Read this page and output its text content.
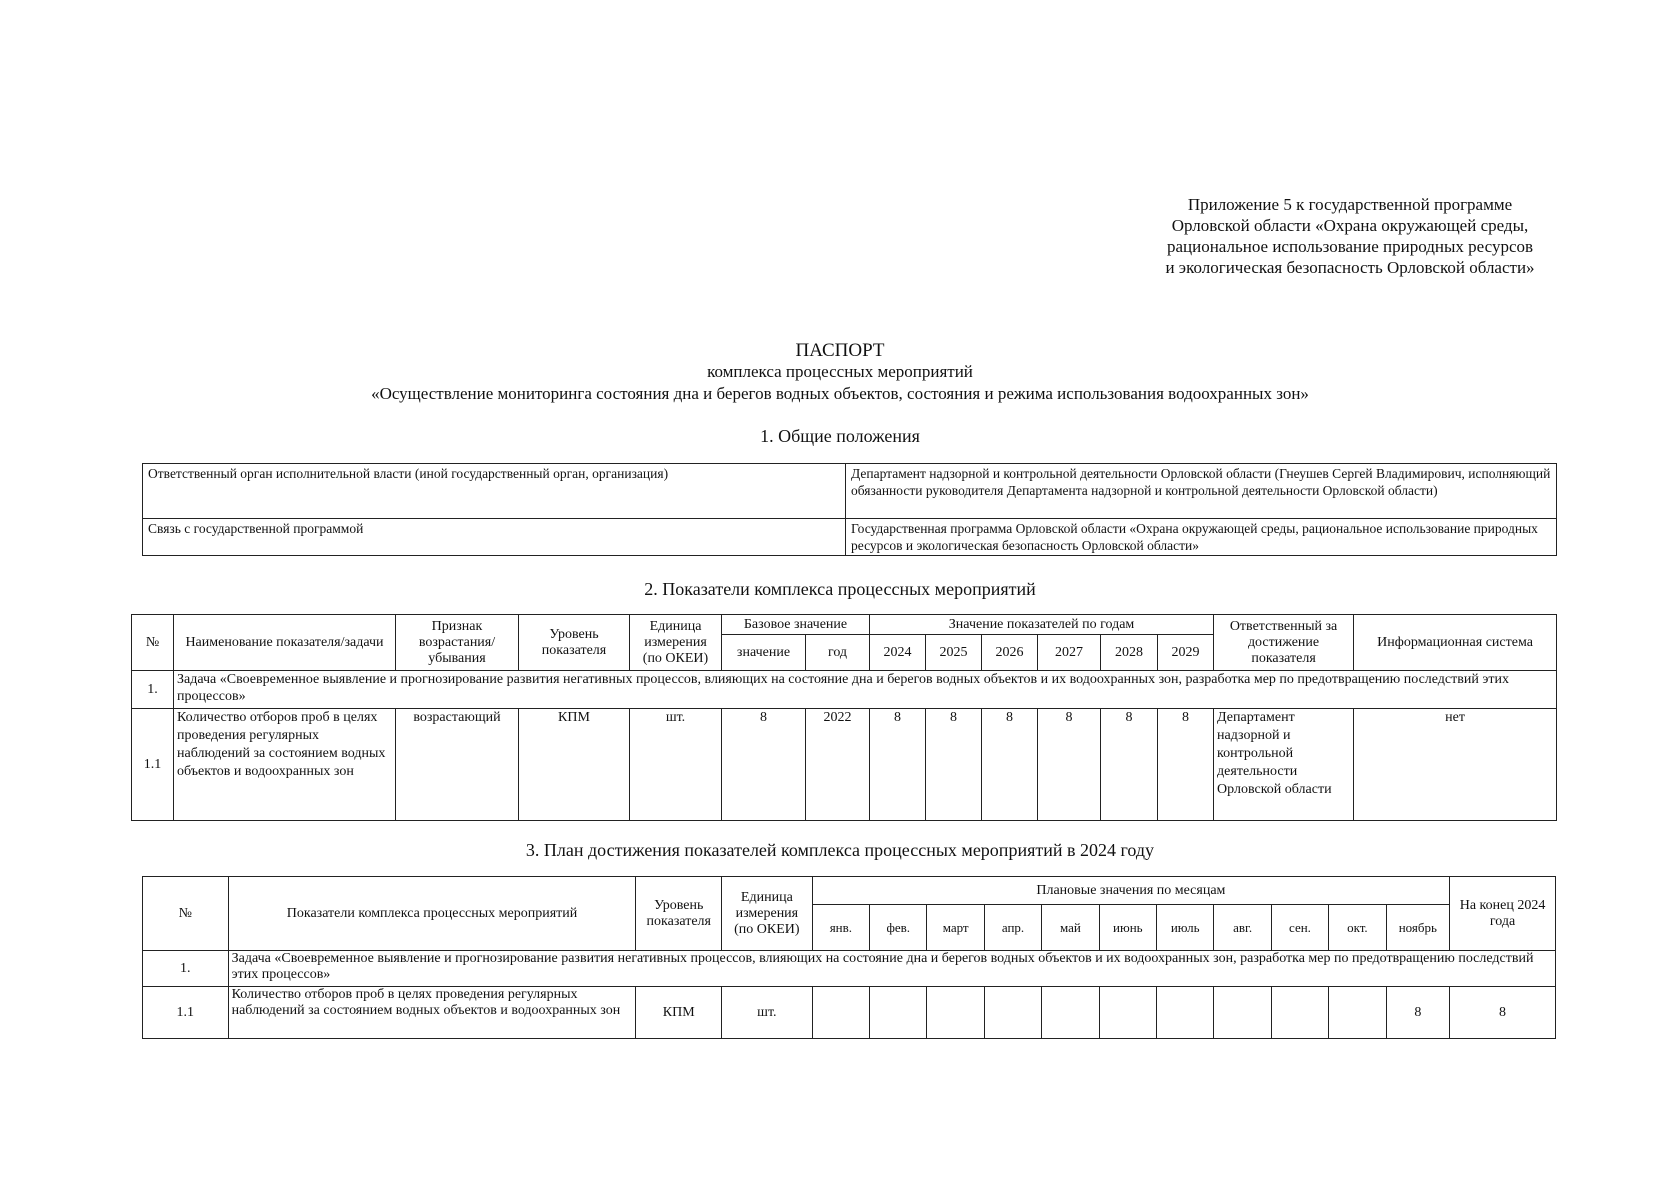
Приложение 5 к государственной программе
Орловской области «Охрана окружающей среды,
рациональное использование природных ресурсов
и экологическая безопасность Орловской области»
ПАСПОРТ
комплекса процессных мероприятий
«Осуществление мониторинга состояния дна и берегов водных объектов, состояния и режима использования водоохранных зон»
1. Общие положения
Ответственный орган исполнительной власти (иной государственный орган, организация)	Департамент надзорной и контрольной деятельности Орловской области (Гнеушев Сергей Владимирович, исполняющий обязанности руководителя Департамента надзорной и контрольной деятельности Орловской области)
Связь с государственной программой	Государственная программа Орловской области «Охрана окружающей среды, рациональное использование природных ресурсов и экологическая безопасность Орловской области»
2. Показатели комплекса процессных мероприятий
№	Наименование показателя/задачи	Признак возрастания/ убывания	Уровень показателя	Единица измерения (по ОКЕИ)	Базовое значение		Значение показателей по годам						Ответственный за достижение показателя	Информационная система
					значение	год	2024	2025	2026	2027	2028	2029		
1.	Задача «Своевременное выявление и прогнозирование развития негативных процессов, влияющих на состояние дна и берегов водных объектов и их водоохранных зон, разработка мер по предотвращению последствий этих процессов»													
1.1	Количество отборов проб в целях проведения регулярных наблюдений за состоянием водных объектов и водоохранных зон	возрастающий	КПМ	шт.	8	2022	8	8	8	8	8	8	Департамент надзорной и контрольной деятельности Орловской области	нет
3. План достижения показателей комплекса процессных мероприятий в 2024 году
№	Показатели комплекса процессных мероприятий	Уровень показателя	Единица измерения (по ОКЕИ)	Плановые значения по месяцам											На конец 2024 года
				янв.	фев.	март	апр.	май	июнь	июль	авг.	сен.	окт.	ноябрь	
1.	Задача «Своевременное выявление и прогнозирование развития негативных процессов, влияющих на состояние дна и берегов водных объектов и их водоохранных зон, разработка мер по предотвращению последствий этих процессов»														
1.1	Количество отборов проб в целях проведения регулярных наблюдений за состоянием водных объектов и водоохранных зон	КПМ	шт.											8	8
